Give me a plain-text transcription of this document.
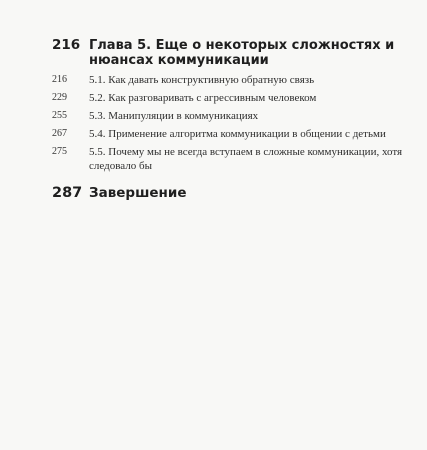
216 Глава 5. Еще о некоторых сложностях и нюансах коммуникации
216	5.1. Как давать конструктивную обратную связь
229	5.2. Как разговаривать с агрессивным человеком
255	5.3. Манипуляции в коммуникациях
267	5.4. Применение алгоритма коммуникации в общении с детьми
275	5.5. Почему мы не всегда вступаем в сложные коммуникации, хотя следовало бы
287 Завершение
